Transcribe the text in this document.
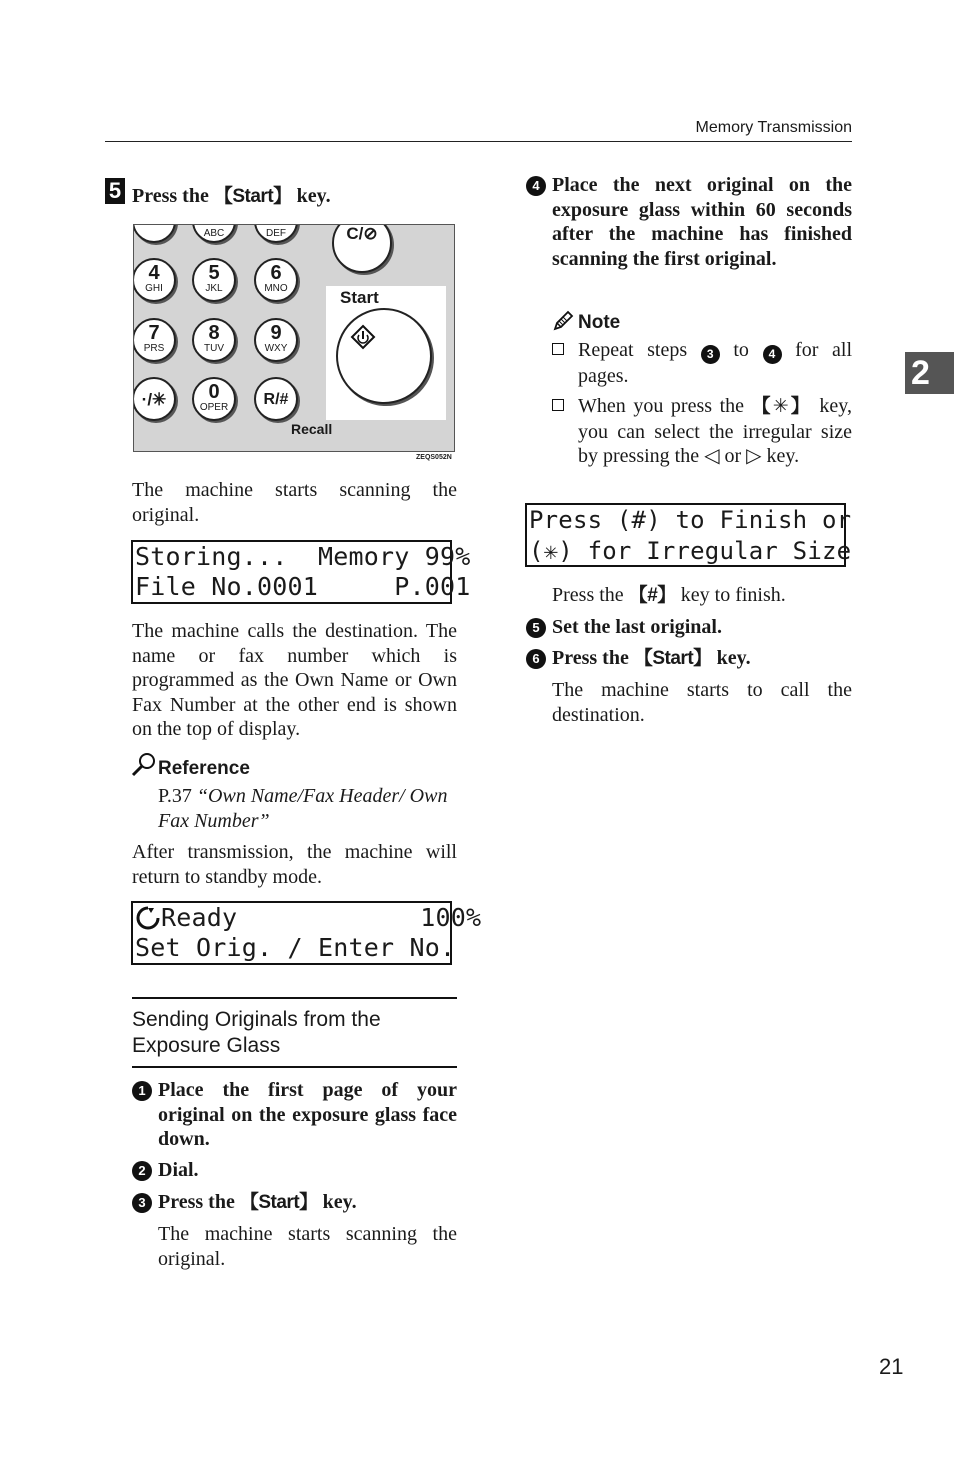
Memory Transmission
2
5 Press the 【Start】 key.

ABC
	DEF	C/⊘
4
GHI
5
JKL
6
MNO
7
PRS
8
TUV
9
WXY
·/✳	0
OPER	R/#
Start
Recall
ZEQS052N
The machine starts scanning the original.
Storing...  Memory 99%
File No.0001     P.001
The machine calls the destination. The name or fax number which is programmed as the Own Name or Own Fax Number at the other end is shown on the top of display.
Reference
P.37 “Own Name/Fax Header/ Own Fax Number”
After transmission, the machine will return to standby mode.
Ready            100%
Set Orig. / Enter No.
Sending Originals from the Exposure Glass
1 Place the first page of your original on the exposure glass face down.
2 Dial.
3 Press the 【Start】 key.
The machine starts scanning the original.
4 Place the next original on the exposure glass within 60 seconds after the machine has finished scanning the first original.
Note
Repeat steps 3 to 4 for all pages.
When you press the 【✳】 key, you can select the irregular size by pressing the ◁ or ▷ key.
Press (#) to Finish or
(✳) for Irregular Size
Press the 【#】 key to finish.
5 Set the last original.
6 Press the 【Start】 key.
The machine starts to call the destination.
21
